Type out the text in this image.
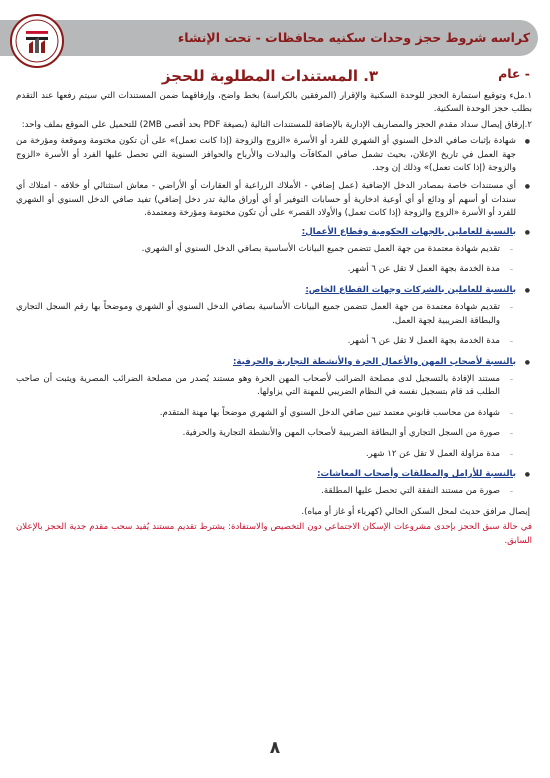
كراسه شروط حجز وحدات سكنيه محافظات - تحت الإنشاء - عام
٣. المستندات المطلوبة للحجز

١.ملء وتوقيع استمارة الحجز للوحدة السكنية والإقرار (المرفقين بالكراسة) بخط واضح، وإرفاقهما ضمن المستندات التي سيتم رفعها عند التقدم بطلب حجز الوحدة السكنية.

٢.إرفاق إيصال سداد مقدم الحجز والمصاريف الإدارية بالإضافة للمستندات التالية (بصيغة PDF بحد أقصى 2MB) للتحميل على الموقع بملف واحد:

● شهادة بإثبات صافي الدخل السنوي أو الشهري للفرد أو الأسرة «الزوج والزوجة (إذا كانت تعمل)» على أن تكون مختومة وموقعة ومؤرخة من جهة العمل في تاريخ الإعلان، بحيث تشمل صافي المكافآت والبدلات والأرباح والحوافز السنوية التي تحصل عليها الفرد أو الأسرة «الزوج والزوجة (إذا كانت تعمل)» وذلك إن وجد.
● أي مستندات خاصة بمصادر الدخل الإضافية (عمل إضافي - الأملاك الزراعية أو العقارات أو الأراضي - معاش استثنائي أو خلافه - امتلاك أي سندات أو أسهم أو ودائع أو أي أوعية ادخارية أو حسابات التوفير أو أي أوراق مالية تدر دخل إضافي) تفيد صافي الدخل السنوي أو الشهري للفرد أو الأسرة «الزوج والزوجة (إذا كانت تعمل) والأولاد القصر» على أن تكون مختومة ومؤرخة ومعتمدة.
● بالنسبة للعاملين بالجهات الحكومية وقطاع الأعمال:
– تقديم شهادة معتمدة من جهة العمل تتضمن جميع البيانات الأساسية بصافي الدخل السنوي أو الشهري.
– مدة الخدمة بجهة العمل لا تقل عن ٦ أشهر.
● بالنسبة للعاملين بالشركات وجهات القطاع الخاص:
– تقديم شهادة معتمدة من جهة العمل تتضمن جميع البيانات الأساسية بصافي الدخل السنوي أو الشهري وموضحاً بها رقم السجل التجاري والبطاقة الضريبية لجهة العمل.
– مدة الخدمة بجهة العمل لا تقل عن ٦ أشهر.
● بالنسبة لأصحاب المهن والأعمال الحرة والأنشطة التجارية والحرفية:
– مستند الإفادة بالتسجيل لدى مصلحة الضرائب لأصحاب المهن الحرة وهو مستند يُصدر من مصلحة الضرائب المصرية ويثبت أن صاحب الطلب قد قام بتسجيل نفسه في النظام الضريبي للمهنة التي يزاولها.
– شهادة من محاسب قانوني معتمد تبين صافي الدخل السنوي أو الشهري موضحاً بها مهنة المتقدم.
– صورة من السجل التجاري أو البطاقة الضريبية لأصحاب المهن والأنشطة التجارية والحرفية.
– مدة مزاولة العمل لا تقل عن ١٢ شهر.
● بالنسبة للأرامل والمطلقات وأصحاب المعاشات:
– صورة من مستند النفقة التي تحصل عليها المطلقة.

إيصال مرافق حديث لمحل السكن الحالي (كهرباء أو غاز أو مياه).

في حالة سبق الحجز بإحدى مشروعات الإسكان الاجتماعي دون التخصيص والاستفادة: يشترط تقديم مستند يُفيد سحب مقدم جدية الحجز بالإعلان السابق.

٨
